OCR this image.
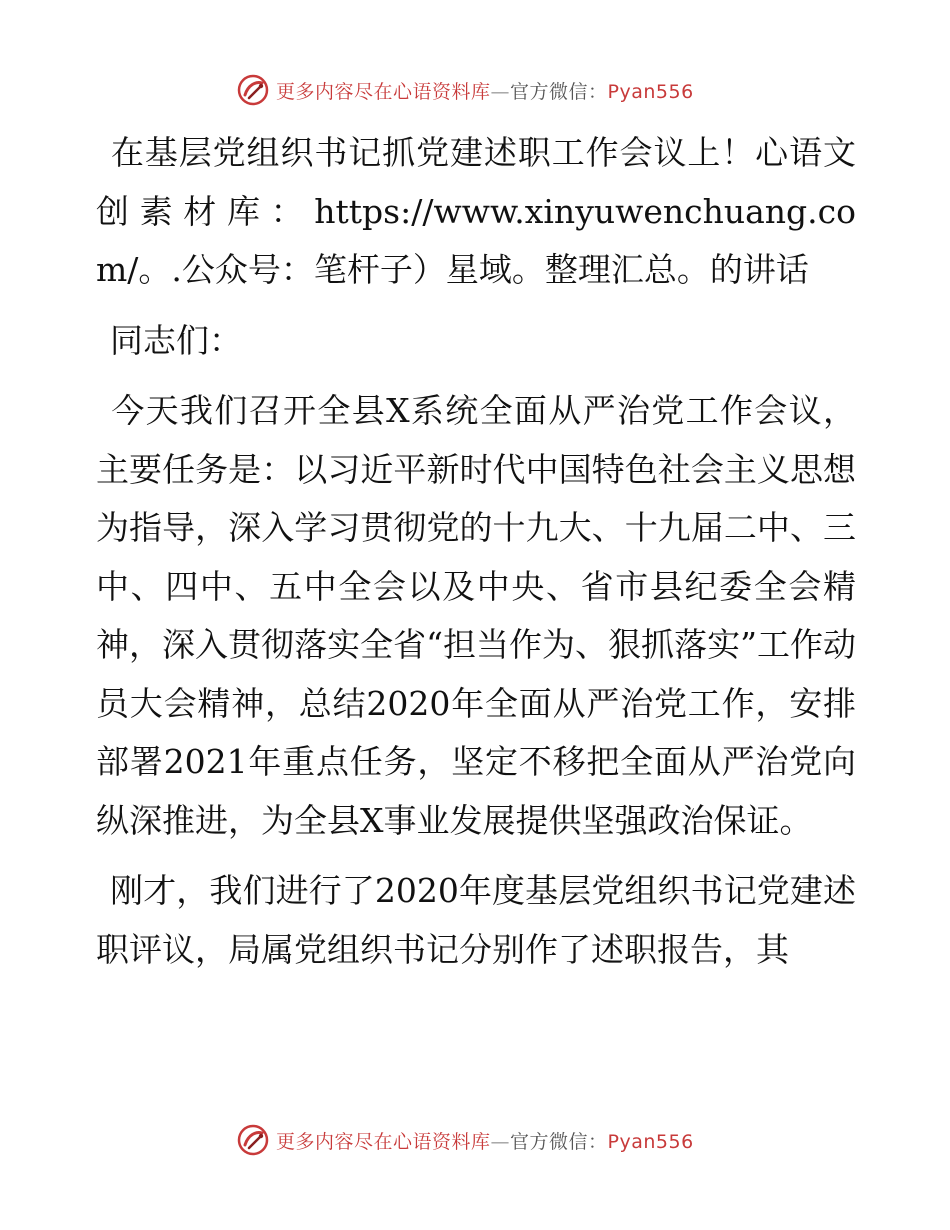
更多内容尽在心语资料库—官方微信：Pyan556

在基层党组织书记抓党建述职工作会议上！心语文创素材库：https://www.xinyuwenchuang.com/。.公众号：笔杆子）星域。整理汇总。的讲话

同志们：

今天我们召开全县X系统全面从严治党工作会议，主要任务是：以习近平新时代中国特色社会主义思想为指导，深入学习贯彻党的十九大、十九届二中、三中、四中、五中全会以及中央、省市县纪委全会精神，深入贯彻落实全省“担当作为、狠抓落实”工作动员大会精神，总结2020年全面从严治党工作，安排部署2021年重点任务，坚定不移把全面从严治党向纵深推进，为全县X事业发展提供坚强政治保证。

刚才，我们进行了2020年度基层党组织书记党建述职评议，局属党组织书记分别作了述职报告，其

更多内容尽在心语资料库—官方微信：Pyan556
